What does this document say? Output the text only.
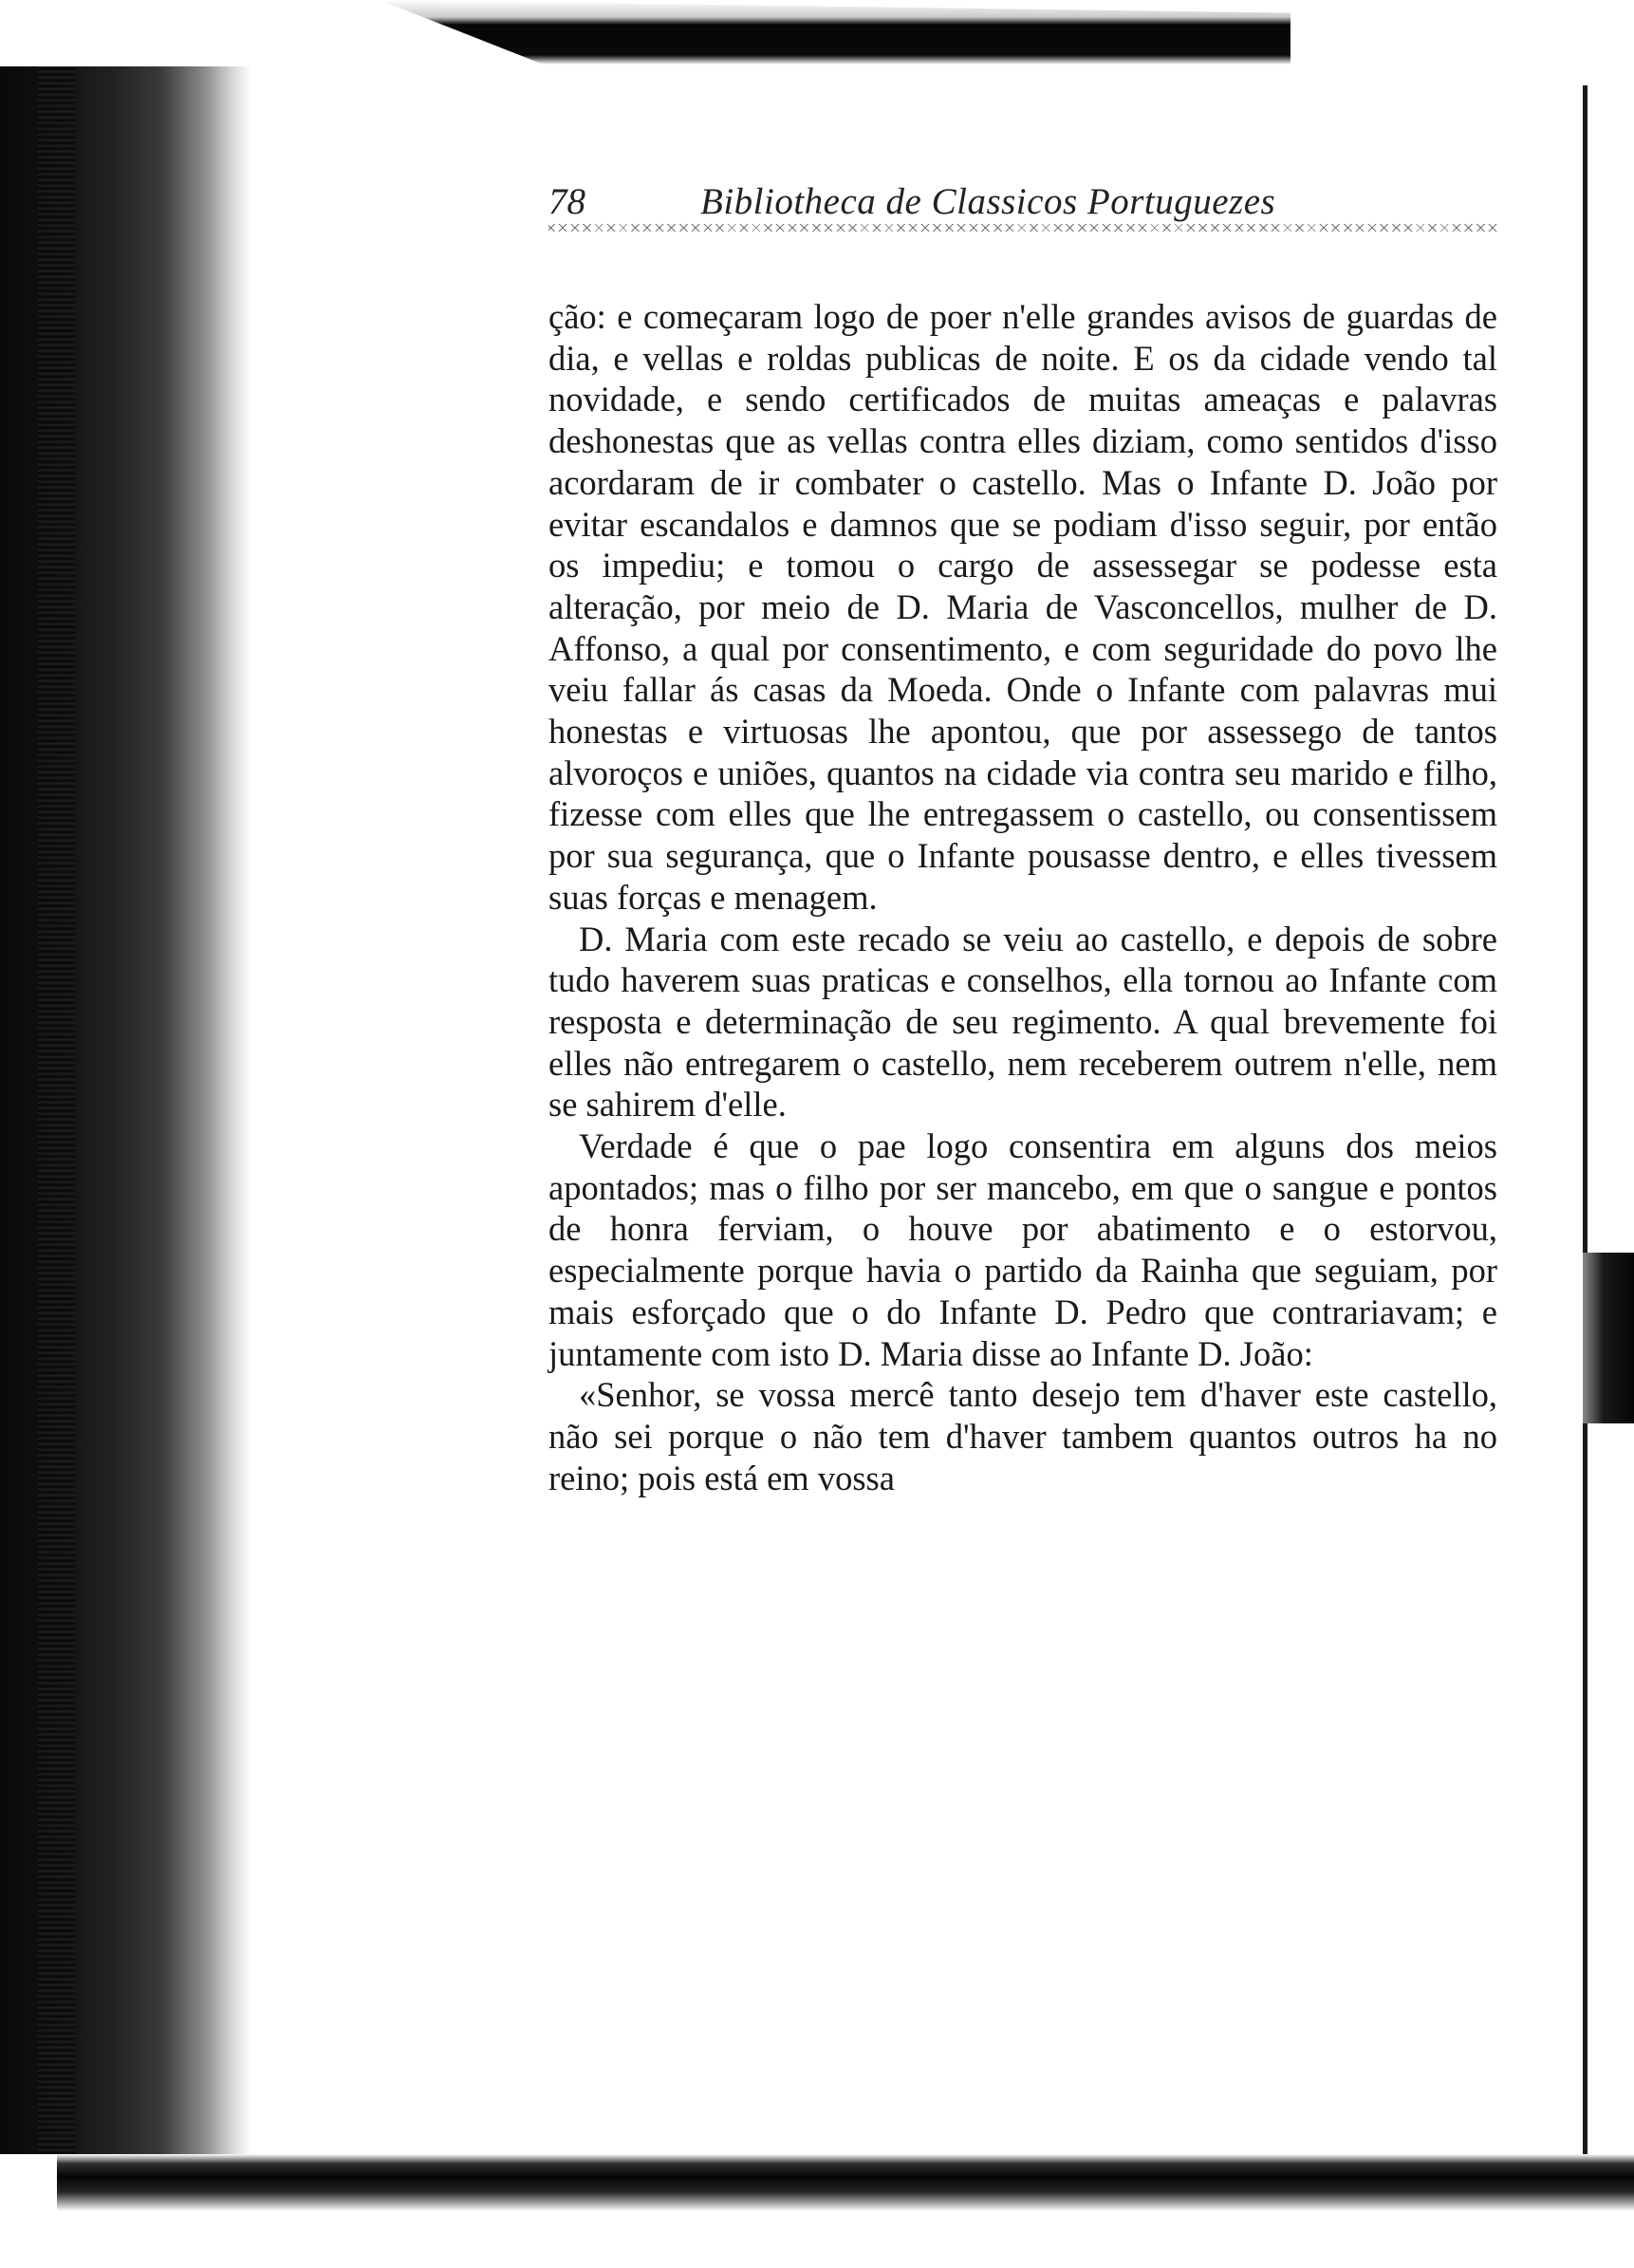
78	Bibliotheca de Classicos Portuguezes

ção: e começaram logo de poer n'elle grandes avisos de guardas de dia, e vellas e roldas publicas de noite. E os da cidade vendo tal novidade, e sendo certificados de muitas ameaças e palavras deshonestas que as vellas contra elles diziam, como sentidos d'isso acordaram de ir combater o castello. Mas o Infante D. João por evitar escandalos e damnos que se podiam d'isso seguir, por então os impediu; e tomou o cargo de assessegar se podesse esta alteração, por meio de D. Maria de Vasconcellos, mulher de D. Affonso, a qual por consentimento, e com seguridade do povo lhe veiu fallar ás casas da Moeda. Onde o Infante com palavras mui honestas e virtuosas lhe apontou, que por assessego de tantos alvoroços e uniões, quantos na cidade via contra seu marido e filho, fizesse com elles que lhe entregassem o castello, ou consentissem por sua segurança, que o Infante pousasse dentro, e elles tivessem suas forças e menagem.

D. Maria com este recado se veiu ao castello, e depois de sobre tudo haverem suas praticas e conselhos, ella tornou ao Infante com resposta e determinação de seu regimento. A qual brevemente foi elles não entregarem o castello, nem receberem outrem n'elle, nem se sahirem d'elle.

Verdade é que o pae logo consentira em alguns dos meios apontados; mas o filho por ser mancebo, em que o sangue e pontos de honra ferviam, o houve por abatimento e o estorvou, especialmente porque havia o partido da Rainha que seguiam, por mais esforçado que o do Infante D. Pedro que contrariavam; e juntamente com isto D. Maria disse ao Infante D. João:

«Senhor, se vossa mercê tanto desejo tem d'haver este castello, não sei porque o não tem d'haver tambem quantos outros ha no reino; pois está em vossa
